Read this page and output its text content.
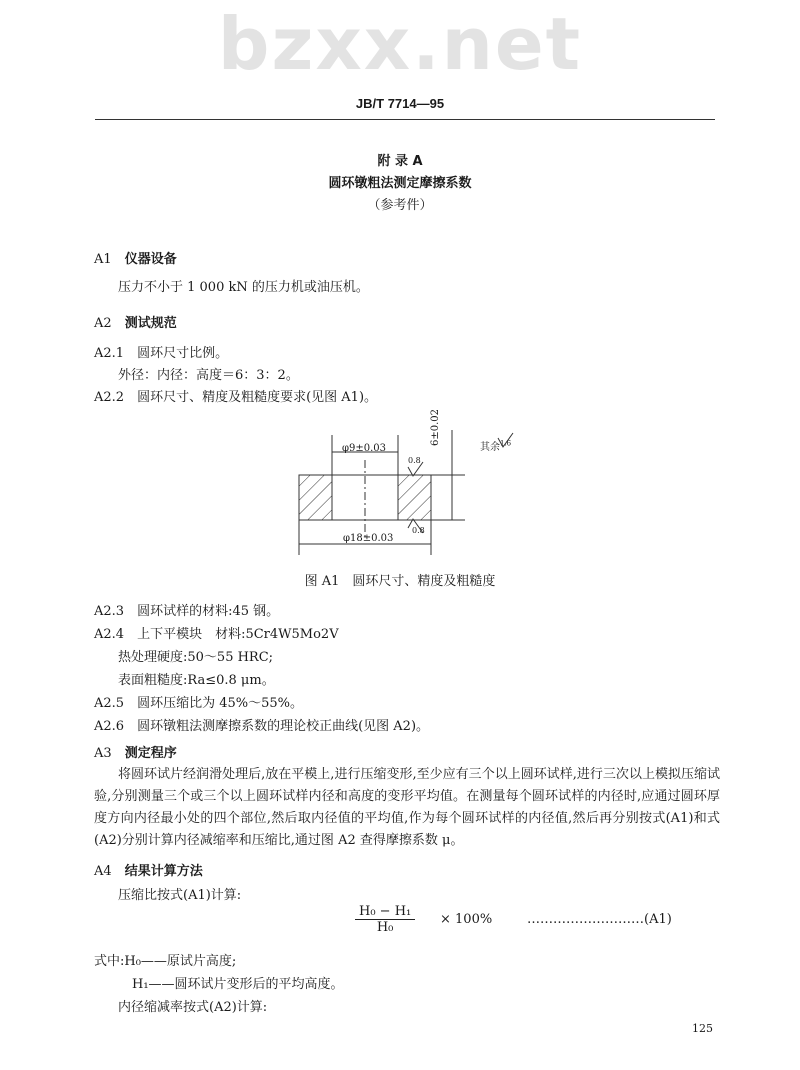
bzxx.net
JB/T 7714—95
附 录 A
圆环镦粗法测定摩擦系数
（参考件）
A1　 仪器设备
压力不小于 1 000 kN 的压力机或油压机。
A2　 测试规范
A2.1　 圆环尺寸比例。
外径：内径：高度＝6：3：2。
A2.2　 圆环尺寸、精度及粗糙度要求(见图 A1)。
φ9±0.03
φ18±0.03
6±0.02
0.8
0.8
其余$^{1.6}$
图 A1　圆环尺寸、精度及粗糙度
A2.3　 圆环试样的材料:45 钢。
A2.4　 上下平模块　材料:5Cr4W5Mo2V
热处理硬度:50～55 HRC;
表面粗糙度:Ra≤0.8 μm。
A2.5　 圆环压缩比为 45%～55%。
A2.6　 圆环镦粗法测摩擦系数的理论校正曲线(见图 A2)。
A3　 测定程序
将圆环试片经润滑处理后,放在平模上,进行压缩变形,至少应有三个以上圆环试样,进行三次以上模拟压缩试验,分别测量三个或三个以上圆环试样内径和高度的变形平均值。在测量每个圆环试样的内径时,应通过圆环厚度方向内径最小处的四个部位,然后取内径值的平均值,作为每个圆环试样的内径值,然后再分别按式(A1)和式(A2)分别计算内径减缩率和压缩比,通过图 A2 查得摩擦系数 μ。
A4　 结果计算方法
压缩比按式(A1)计算:
$\frac{\text{H₀ − H₁}}{\text{H₀}} \times 100\%$	………………………(A1)
式中:H₀——原试片高度;
H₁——圆环试片变形后的平均高度。
内径缩减率按式(A2)计算:
125
